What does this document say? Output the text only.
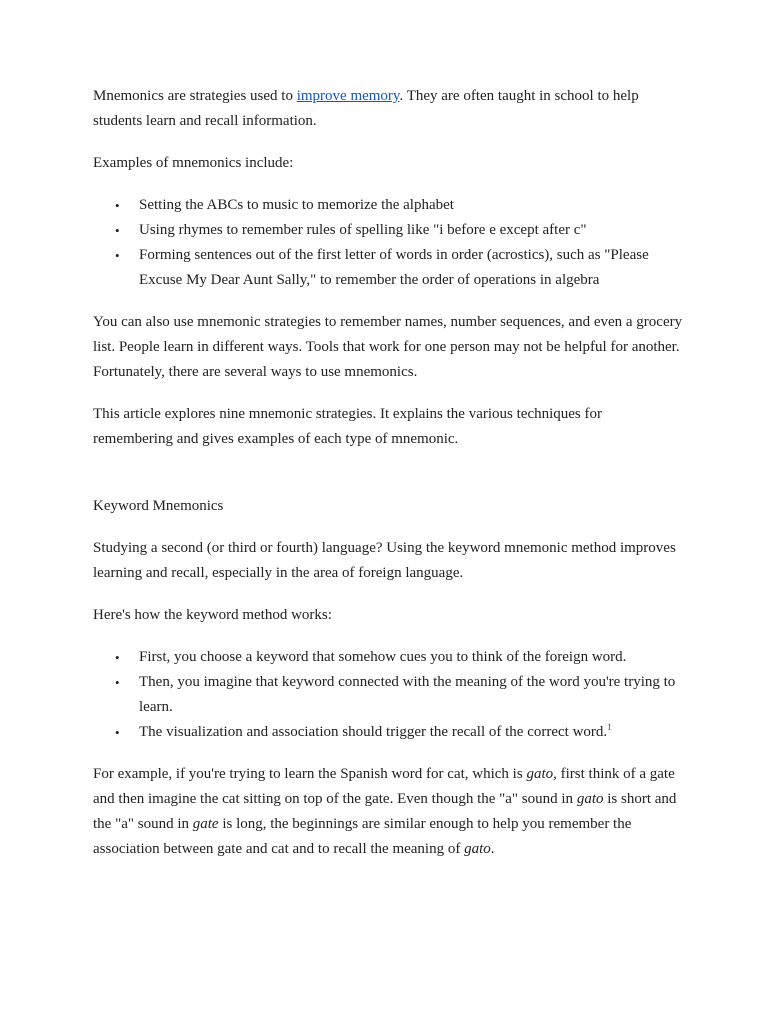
Mnemonics are strategies used to improve memory. They are often taught in school to help students learn and recall information.

Examples of mnemonics include:

• Setting the ABCs to music to memorize the alphabet
• Using rhymes to remember rules of spelling like "i before e except after c"
• Forming sentences out of the first letter of words in order (acrostics), such as "Please Excuse My Dear Aunt Sally," to remember the order of operations in algebra

You can also use mnemonic strategies to remember names, number sequences, and even a grocery list. People learn in different ways. Tools that work for one person may not be helpful for another. Fortunately, there are several ways to use mnemonics.

This article explores nine mnemonic strategies. It explains the various techniques for remembering and gives examples of each type of mnemonic.

Keyword Mnemonics

Studying a second (or third or fourth) language? Using the keyword mnemonic method improves learning and recall, especially in the area of foreign language.

Here's how the keyword method works:

• First, you choose a keyword that somehow cues you to think of the foreign word.
• Then, you imagine that keyword connected with the meaning of the word you're trying to learn.
• The visualization and association should trigger the recall of the correct word.$^1$

For example, if you're trying to learn the Spanish word for cat, which is gato, first think of a gate and then imagine the cat sitting on top of the gate. Even though the "a" sound in gato is short and the "a" sound in gate is long, the beginnings are similar enough to help you remember the association between gate and cat and to recall the meaning of gato.
